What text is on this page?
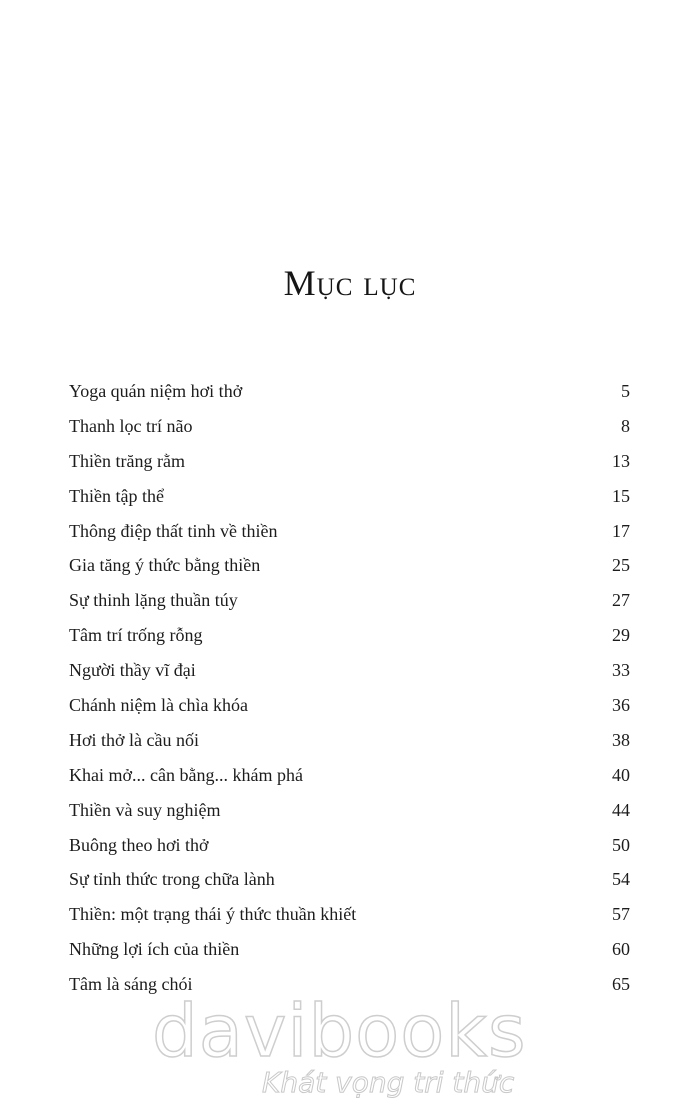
Mục lục
Yoga quán niệm hơi thở	5
Thanh lọc trí não	8
Thiền trăng rằm	13
Thiền tập thể	15
Thông điệp thất tinh về thiền	17
Gia tăng ý thức bằng thiền	25
Sự thinh lặng thuần túy	27
Tâm trí trống rỗng	29
Người thầy vĩ đại	33
Chánh niệm là chìa khóa	36
Hơi thở là cầu nối	38
Khai mở... cân bằng... khám phá	40
Thiền và suy nghiệm	44
Buông theo hơi thở	50
Sự tỉnh thức trong chữa lành	54
Thiền: một trạng thái ý thức thuần khiết	57
Những lợi ích của thiền	60
Tâm là sáng chói	65
davibooks
Khát vọng tri thức
